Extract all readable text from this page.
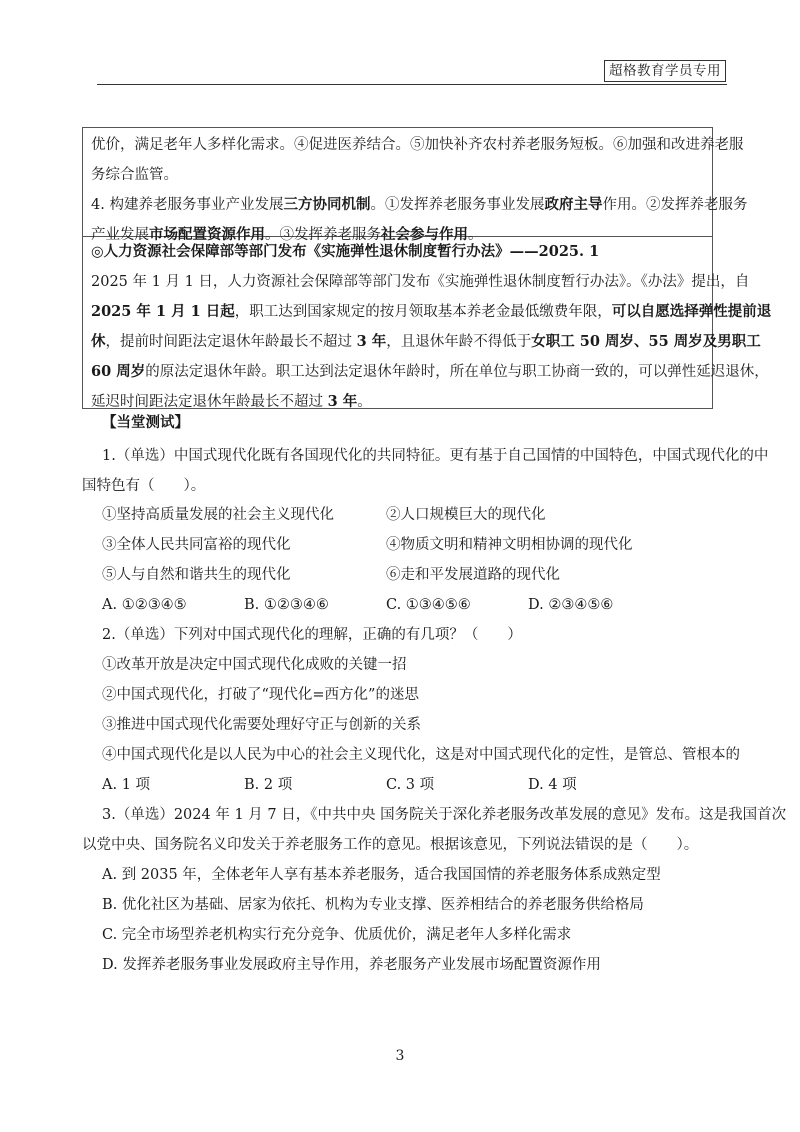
超格教育学员专用
优价，满足老年人多样化需求。④促进医养结合。⑤加快补齐农村养老服务短板。⑥加强和改进养老服
务综合监管。
4. 构建养老服务事业产业发展三方协同机制。①发挥养老服务事业发展政府主导作用。②发挥养老服务
产业发展市场配置资源作用。③发挥养老服务社会参与作用。
◎人力资源社会保障部等部门发布《实施弹性退休制度暂行办法》——2025. 1
2025 年 1 月 1 日，人力资源社会保障部等部门发布《实施弹性退休制度暂行办法》。《办法》提出，自
2025 年 1 月 1 日起，职工达到国家规定的按月领取基本养老金最低缴费年限，可以自愿选择弹性提前退
休，提前时间距法定退休年龄最长不超过 3 年，且退休年龄不得低于女职工 50 周岁、55 周岁及男职工
60 周岁的原法定退休年龄。职工达到法定退休年龄时，所在单位与职工协商一致的，可以弹性延迟退休，
延迟时间距法定退休年龄最长不超过 3 年。
【当堂测试】
1.（单选）中国式现代化既有各国现代化的共同特征。更有基于自己国情的中国特色，中国式现代化的中
国特色有（　　）。
①坚持高质量发展的社会主义现代化	②人口规模巨大的现代化
③全体人民共同富裕的现代化	④物质文明和精神文明相协调的现代化
⑤人与自然和谐共生的现代化	⑥走和平发展道路的现代化
A. ①②③④⑤	B. ①②③④⑥	C. ①③④⑤⑥	D. ②③④⑤⑥
2.（单选）下列对中国式现代化的理解，正确的有几项？（　　）
①改革开放是决定中国式现代化成败的关键一招
②中国式现代化，打破了“现代化=西方化”的迷思
③推进中国式现代化需要处理好守正与创新的关系
④中国式现代化是以人民为中心的社会主义现代化，这是对中国式现代化的定性，是管总、管根本的
A. 1 项	B. 2 项	C. 3 项	D. 4 项
3.（单选）2024 年 1 月 7 日，《中共中央 国务院关于深化养老服务改革发展的意见》发布。这是我国首次
以党中央、国务院名义印发关于养老服务工作的意见。根据该意见，下列说法错误的是（　　）。
A. 到 2035 年，全体老年人享有基本养老服务，适合我国国情的养老服务体系成熟定型
B. 优化社区为基础、居家为依托、机构为专业支撑、医养相结合的养老服务供给格局
C. 完全市场型养老机构实行充分竞争、优质优价，满足老年人多样化需求
D. 发挥养老服务事业发展政府主导作用，养老服务产业发展市场配置资源作用
3
